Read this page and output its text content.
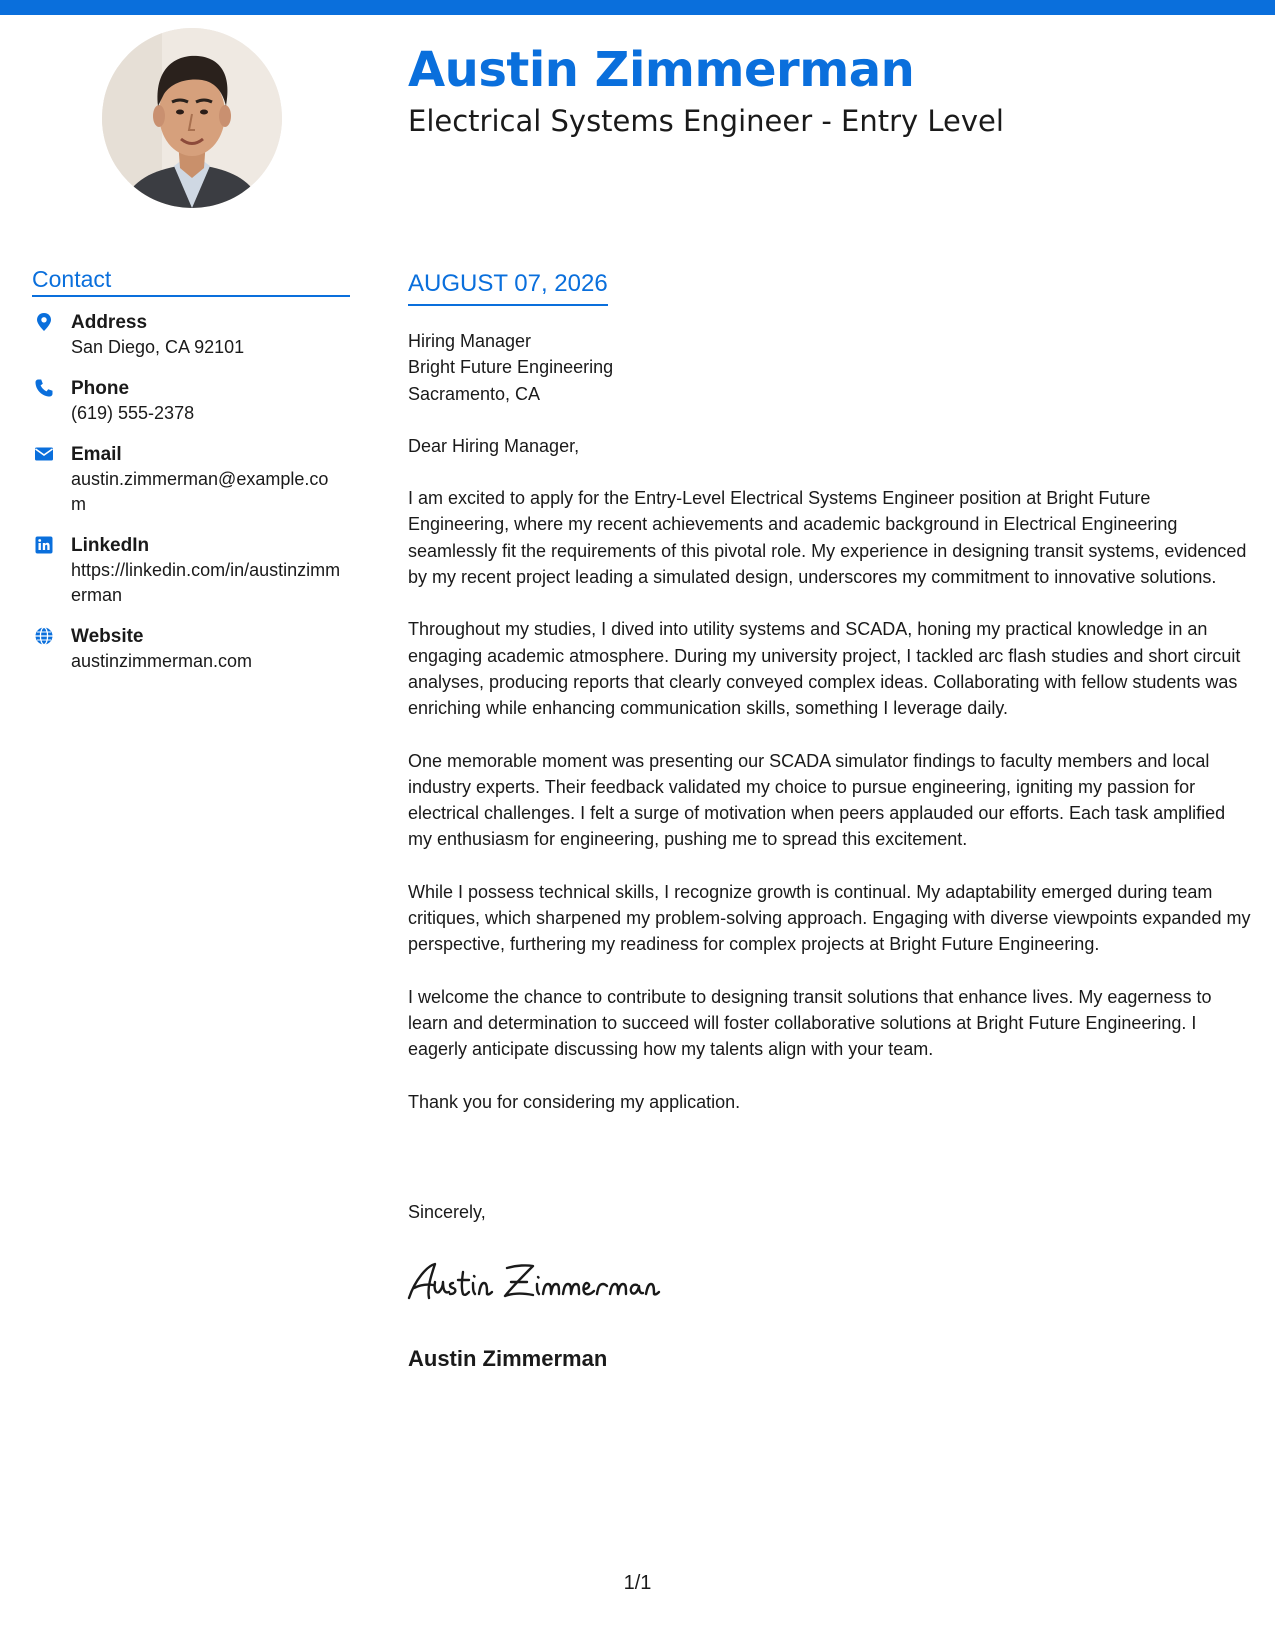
Austin Zimmerman
Electrical Systems Engineer - Entry Level
Contact
Address
San Diego, CA 92101
Phone
(619) 555-2378
Email
austin.zimmerman@example.com
LinkedIn
https://linkedin.com/in/austinzimmerman
Website
austinzimmerman.com
AUGUST 07, 2026
Hiring Manager
Bright Future Engineering
Sacramento, CA
Dear Hiring Manager,

I am excited to apply for the Entry-Level Electrical Systems Engineer position at Bright Future Engineering, where my recent achievements and academic background in Electrical Engineering seamlessly fit the requirements of this pivotal role. My experience in designing transit systems, evidenced by my recent project leading a simulated design, underscores my commitment to innovative solutions.

Throughout my studies, I dived into utility systems and SCADA, honing my practical knowledge in an engaging academic atmosphere. During my university project, I tackled arc flash studies and short circuit analyses, producing reports that clearly conveyed complex ideas. Collaborating with fellow students was enriching while enhancing communication skills, something I leverage daily.

One memorable moment was presenting our SCADA simulator findings to faculty members and local industry experts. Their feedback validated my choice to pursue engineering, igniting my passion for electrical challenges. I felt a surge of motivation when peers applauded our efforts. Each task amplified my enthusiasm for engineering, pushing me to spread this excitement.

While I possess technical skills, I recognize growth is continual. My adaptability emerged during team critiques, which sharpened my problem-solving approach. Engaging with diverse viewpoints expanded my perspective, furthering my readiness for complex projects at Bright Future Engineering.

I welcome the chance to contribute to designing transit solutions that enhance lives. My eagerness to learn and determination to succeed will foster collaborative solutions at Bright Future Engineering. I eagerly anticipate discussing how my talents align with your team.

Thank you for considering my application.

Sincerely,
Austin Zimmerman
1/1
